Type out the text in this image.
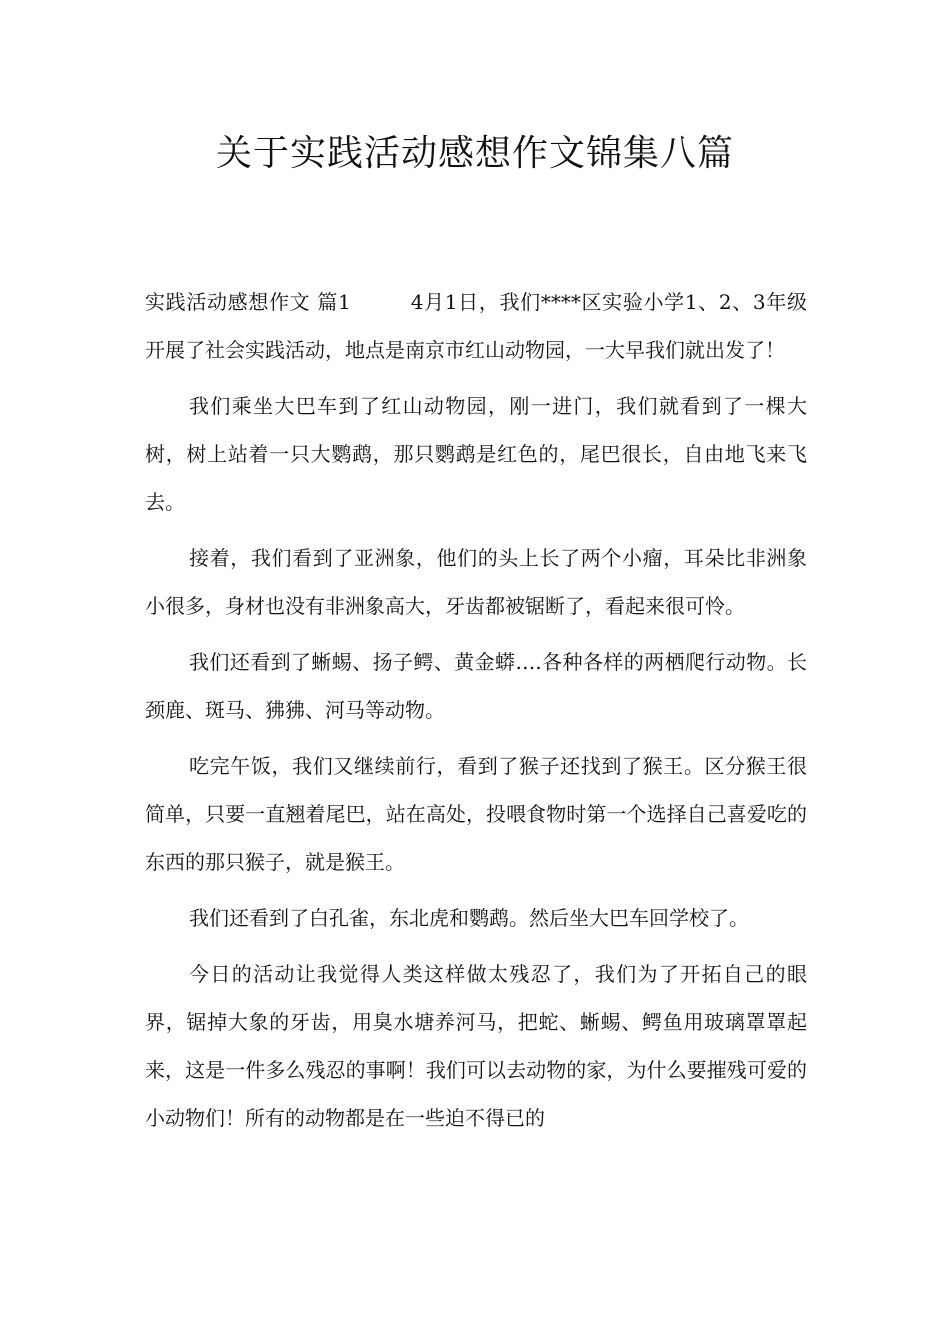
关于实践活动感想作文锦集八篇

实践活动感想作文 篇1	4月1日，我们****区实验小学1、2、3年级开展了社会实践活动，地点是南京市红山动物园，一大早我们就出发了！

我们乘坐大巴车到了红山动物园，刚一进门，我们就看到了一棵大树，树上站着一只大鹦鹉，那只鹦鹉是红色的，尾巴很长，自由地飞来飞去。

接着，我们看到了亚洲象，他们的头上长了两个小瘤，耳朵比非洲象小很多，身材也没有非洲象高大，牙齿都被锯断了，看起来很可怜。

我们还看到了蜥蜴、扬子鳄、黄金蟒….各种各样的两栖爬行动物。长颈鹿、斑马、狒狒、河马等动物。

吃完午饭，我们又继续前行，看到了猴子还找到了猴王。区分猴王很简单，只要一直翘着尾巴，站在高处，投喂食物时第一个选择自己喜爱吃的东西的那只猴子，就是猴王。

我们还看到了白孔雀，东北虎和鹦鹉。然后坐大巴车回学校了。

今日的活动让我觉得人类这样做太残忍了，我们为了开拓自己的眼界，锯掉大象的牙齿，用臭水塘养河马，把蛇、蜥蜴、鳄鱼用玻璃罩罩起来，这是一件多么残忍的事啊！我们可以去动物的家，为什么要摧残可爱的小动物们！所有的动物都是在一些迫不得已的
